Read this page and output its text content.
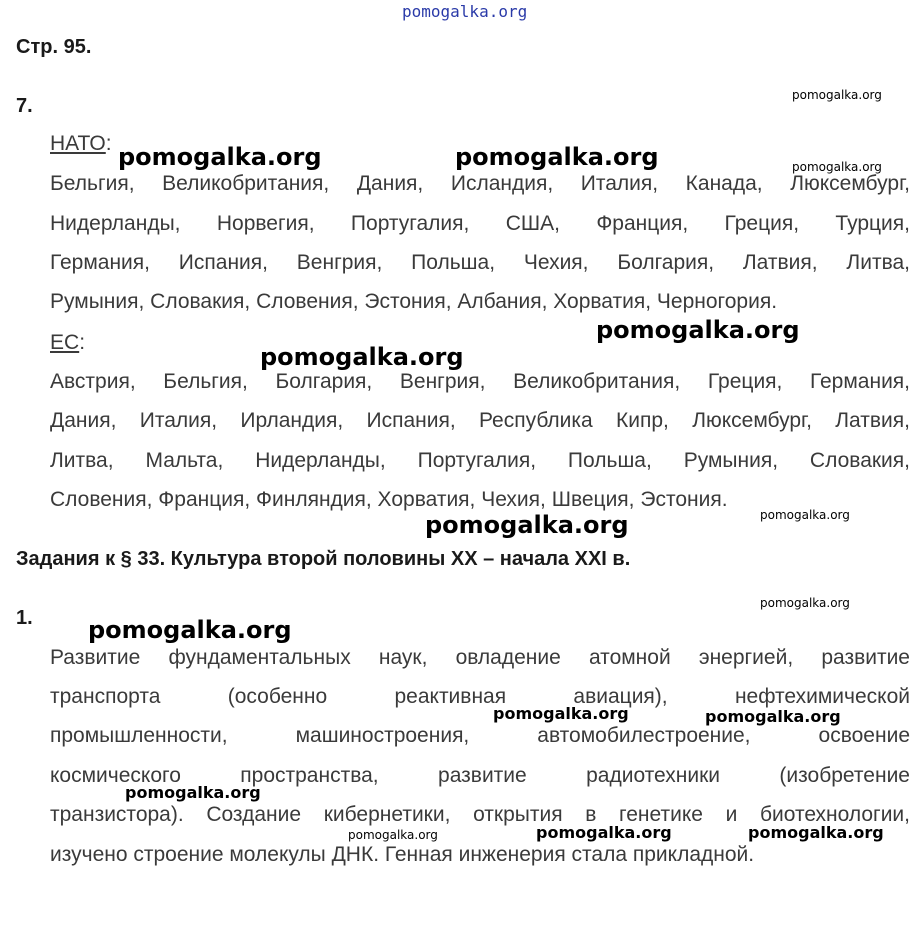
pomogalka.org
Стр. 95.
7.
НАТО:
Бельгия, Великобритания, Дания, Исландия, Италия, Канада, Люксембург,
Нидерланды, Норвегия, Португалия, США, Франция, Греция, Турция,
Германия, Испания, Венгрия, Польша, Чехия, Болгария, Латвия, Литва,
Румыния, Словакия, Словения, Эстония, Албания, Хорватия, Черногория.
ЕС:
Австрия, Бельгия, Болгария, Венгрия, Великобритания, Греция, Германия,
Дания, Италия, Ирландия, Испания, Республика Кипр, Люксембург, Латвия,
Литва, Мальта, Нидерланды, Португалия, Польша, Румыния, Словакия,
Словения, Франция, Финляндия, Хорватия, Чехия, Швеция, Эстония.
Задания к § 33. Культура второй половины XX – начала XXI в.
1.
Развитие фундаментальных наук, овладение атомной энергией, развитие
транспорта (особенно реактивная авиация), нефтехимической
промышленности, машиностроения, автомобилестроение, освоение
космического пространства, развитие радиотехники (изобретение
транзистора). Создание кибернетики, открытия в генетике и биотехнологии,
изучено строение молекулы ДНК. Генная инженерия стала прикладной.
pomogalka.org
pomogalka.org	pomogalka.org	pomogalka.org
pomogalka.org
pomogalka.org
pomogalka.org
pomogalka.org
pomogalka.org
pomogalka.org
pomogalka.org	pomogalka.org
pomogalka.org
pomogalka.org	pomogalka.org	pomogalka.org
